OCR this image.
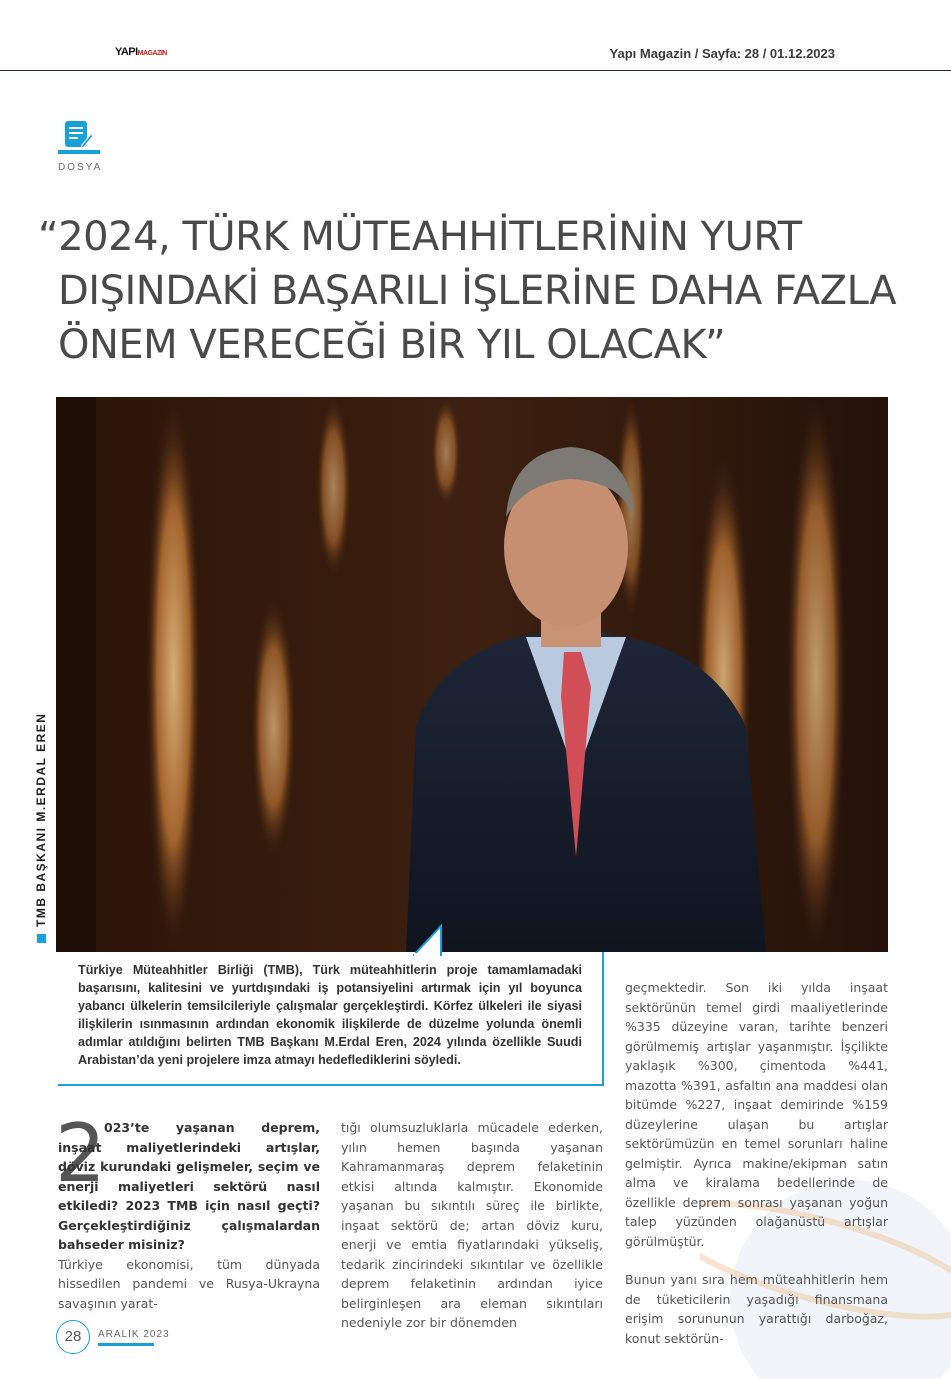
YAPIMAGAZIN	Yapı Magazin / Sayfa: 28 / 01.12.2023
DOSYA
“2024, TÜRK MÜTEAHHİTLERİNİN YURT
DIŞINDAKİ BAŞARILI İŞLERİNE DAHA FAZLA
ÖNEM VERECEĞİ BİR YIL OLACAK”
TMB BAŞKANI M.ERDAL EREN
Türkiye Müteahhitler Birliği (TMB), Türk müteahhitlerin proje tamamlamadaki başarısını, kalitesini ve yurtdışındaki iş potansiyelini artırmak için yıl boyunca yabancı ülkelerin temsilcileriyle çalışmalar gerçekleştirdi. Körfez ülkeleri ile siyasi ilişkilerin ısınmasının ardından ekonomik ilişkilerde de düzelme yolunda önemli adımlar atıldığını belirten TMB Başkanı M.Erdal Eren, 2024 yılında özellikle Suudi Arabistan’da yeni projelere imza atmayı hedeflediklerini söyledi.
2

023’te yaşanan deprem, inşaat maliyetlerindeki artışlar, döviz kurundaki gelişmeler, seçim ve enerji maliyetleri sektörü nasıl etkiledi? 2023 TMB için nasıl geçti? Gerçekleştirdiğiniz çalışmalardan bahseder misiniz?

Türkiye ekonomisi, tüm dünyada hissedilen pandemi ve Rusya-Ukrayna savaşının yarat-

tığı olumsuzluklarla mücadele ederken, yılın hemen başında yaşanan Kahramanmaraş deprem felaketinin etkisi altında kalmıştır. Ekonomide yaşanan bu sıkıntılı süreç ile birlikte, inşaat sektörü de; artan döviz kuru, enerji ve emtia fiyatlarındaki yükseliş, tedarik zincirindeki sıkıntılar ve özellikle deprem felaketinin ardından iyice belirginleşen ara eleman sıkıntıları nedeniyle zor bir dönemden

geçmektedir. Son iki yılda inşaat sektörünün temel girdi maaliyetlerinde %335 düzeyine varan, tarihte benzeri görülmemiş artışlar yaşanmıştır. İşçilikte yaklaşık %300, çimentoda %441, mazotta %391, asfaltın ana maddesi olan bitümde %227, inşaat demirinde %159 düzeylerine ulaşan bu artışlar sektörümüzün en temel sorunları haline gelmiştir. Ayrıca makine/ekipman satın alma ve kiralama bedellerinde de özellikle deprem sonrası yaşanan yoğun talep yüzünden olağanüstü artışlar görülmüştür.

Bunun yanı sıra hem müteahhitlerin hem de tüketicilerin yaşadığı finansmana erişim sorununun yarattığı darboğaz, konut sektörün-

28	ARALIK 2023
